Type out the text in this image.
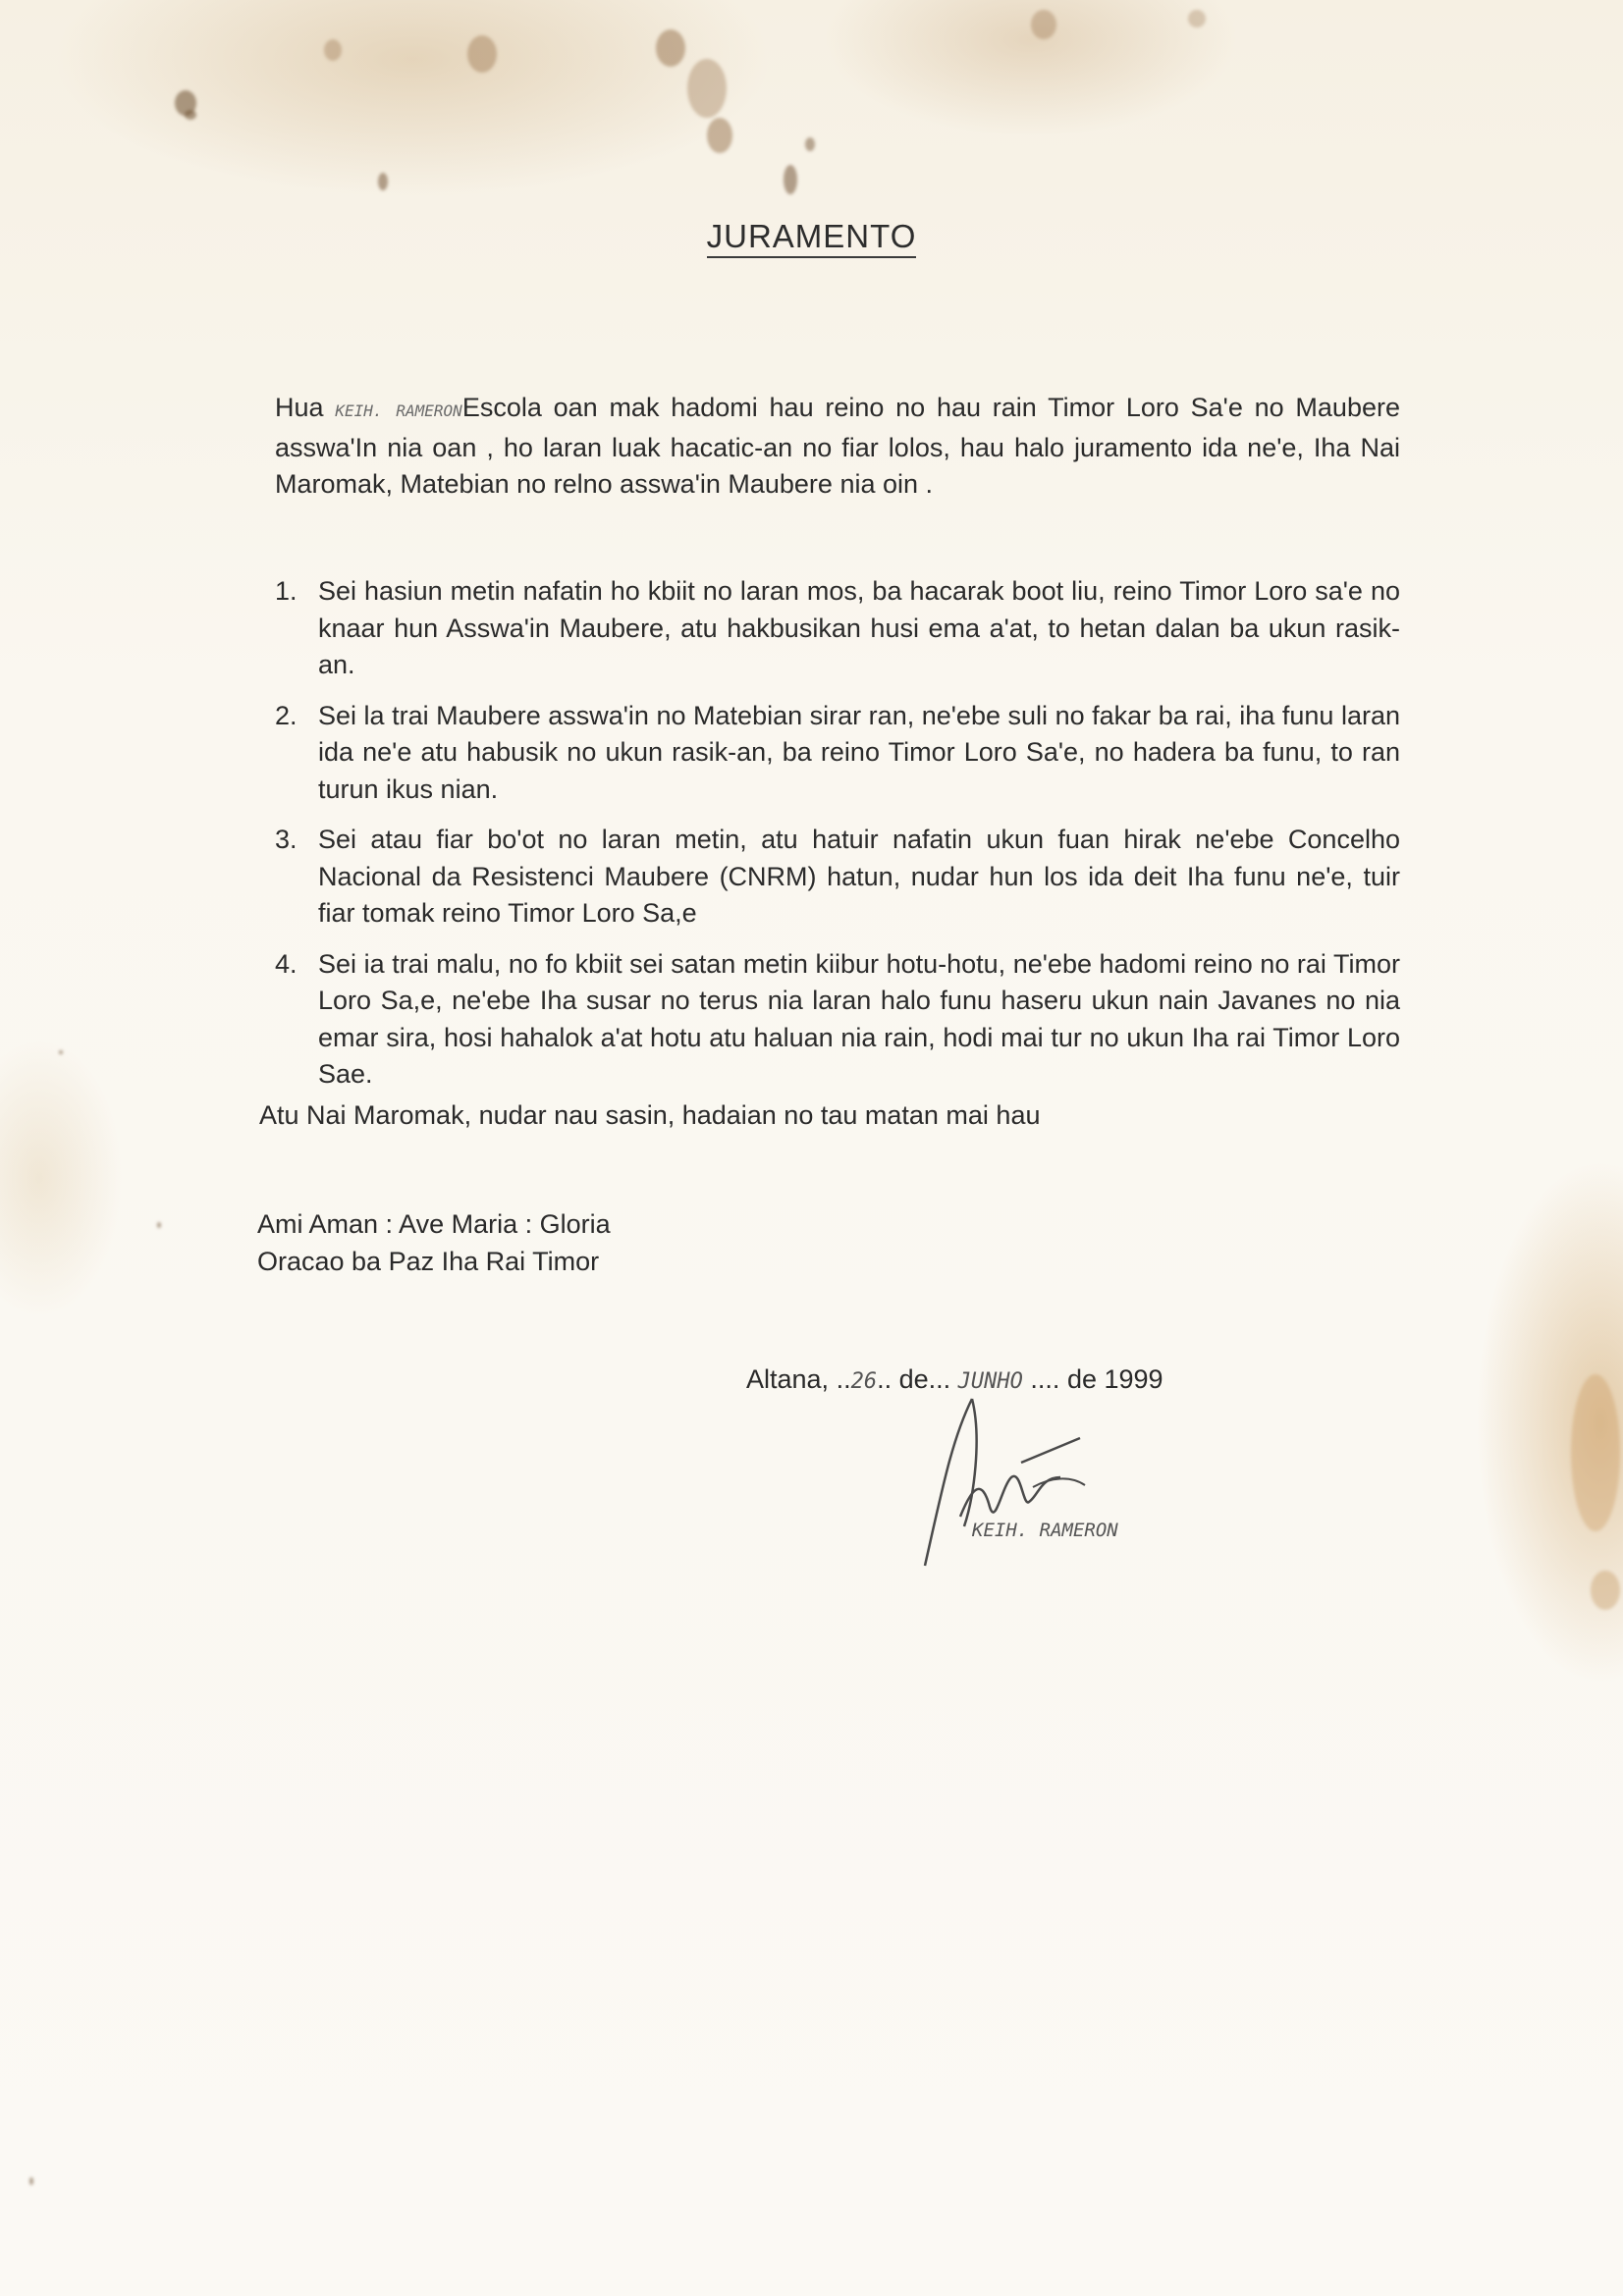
JURAMENTO
Hua KEIH. RAMERONEscola oan mak hadomi hau reino no hau rain Timor Loro Sa'e no Maubere asswa'In nia oan , ho laran luak hacatic-an no fiar lolos, hau halo juramento ida ne'e, Iha Nai Maromak, Matebian no relno asswa'in Maubere nia oin .
1. Sei hasiun metin nafatin ho kbiit no laran mos, ba hacarak boot liu, reino Timor Loro sa'e no knaar hun Asswa'in Maubere, atu hakbusikan husi ema a'at, to hetan dalan ba ukun rasik-an.
2. Sei la trai Maubere asswa'in no Matebian sirar ran, ne'ebe suli no fakar ba rai, iha funu laran ida ne'e atu habusik no ukun rasik-an, ba reino Timor Loro Sa'e, no hadera ba funu, to ran turun ikus nian.
3. Sei atau fiar bo'ot no laran metin, atu hatuir nafatin ukun fuan hirak ne'ebe Concelho Nacional da Resistenci Maubere (CNRM) hatun, nudar hun los ida deit Iha funu ne'e, tuir fiar tomak reino Timor Loro Sa,e
4. Sei ia trai malu, no fo kbiit sei satan metin kiibur hotu-hotu, ne'ebe hadomi reino no rai Timor Loro Sa,e, ne'ebe Iha susar no terus nia laran halo funu haseru ukun nain Javanes no nia emar sira, hosi hahalok a'at hotu atu haluan nia rain, hodi mai tur no ukun Iha rai Timor Loro Sae.
Atu Nai Maromak, nudar nau sasin, hadaian no tau matan mai hau
Ami Aman : Ave Maria : Gloria
Oracao ba Paz Iha Rai Timor
Altana, ..26.. de... JUNHO .... de 1999
KEIH. RAMERON
